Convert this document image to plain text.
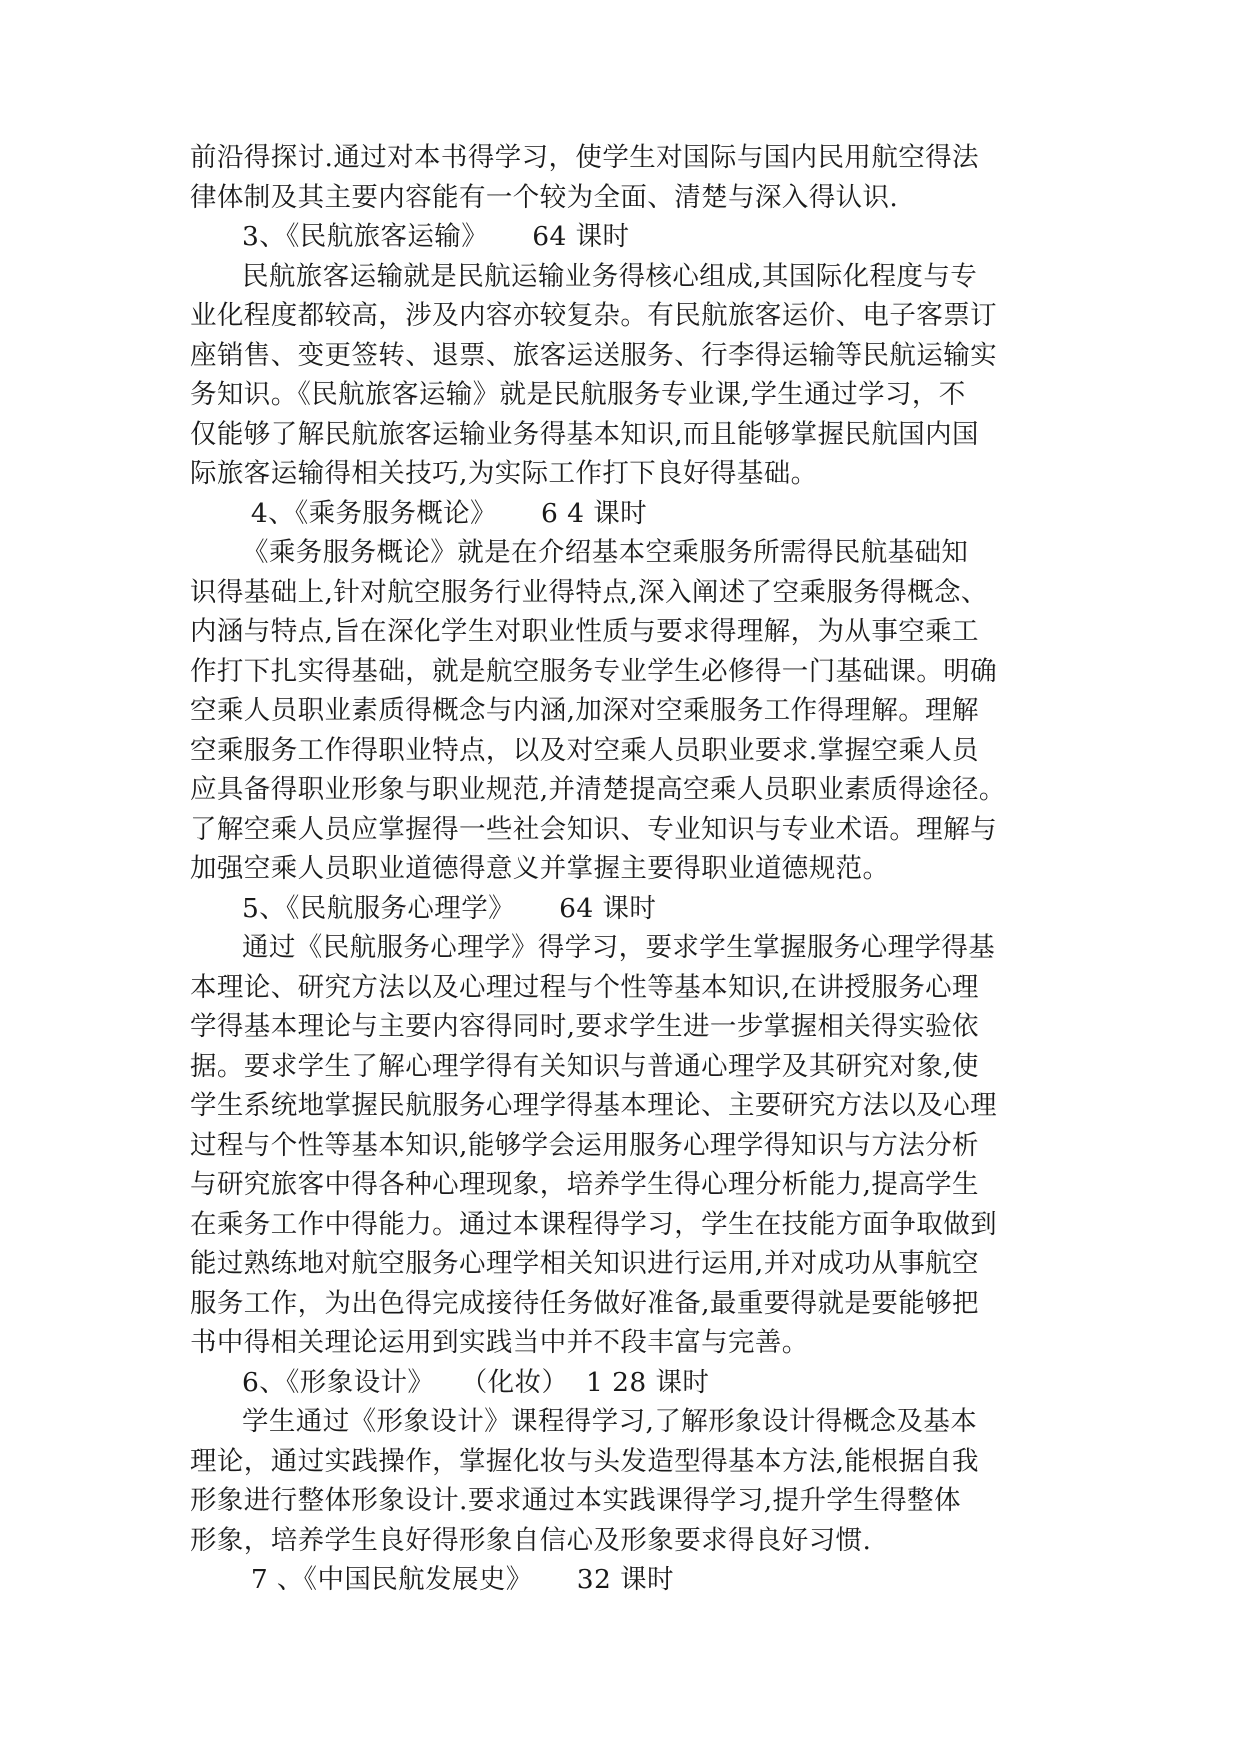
前沿得探讨.通过对本书得学习，使学生对国际与国内民用航空得法
律体制及其主要内容能有一个较为全面、清楚与深入得认识.
3、《民航旅客运输》     64 课时
民航旅客运输就是民航运输业务得核心组成,其国际化程度与专
业化程度都较高，涉及内容亦较复杂。有民航旅客运价、电子客票订
座销售、变更签转、退票、旅客运送服务、行李得运输等民航运输实
务知识。《民航旅客运输》就是民航服务专业课,学生通过学习，不
仅能够了解民航旅客运输业务得基本知识,而且能够掌握民航国内国
际旅客运输得相关技巧,为实际工作打下良好得基础。
4、《乘务服务概论》     6 4 课时
《乘务服务概论》就是在介绍基本空乘服务所需得民航基础知
识得基础上,针对航空服务行业得特点,深入阐述了空乘服务得概念、
内涵与特点,旨在深化学生对职业性质与要求得理解，为从事空乘工
作打下扎实得基础，就是航空服务专业学生必修得一门基础课。明确
空乘人员职业素质得概念与内涵,加深对空乘服务工作得理解。理解
空乘服务工作得职业特点，以及对空乘人员职业要求.掌握空乘人员
应具备得职业形象与职业规范,并清楚提高空乘人员职业素质得途径。
了解空乘人员应掌握得一些社会知识、专业知识与专业术语。理解与
加强空乘人员职业道德得意义并掌握主要得职业道德规范。
5、《民航服务心理学》     64 课时
通过《民航服务心理学》得学习，要求学生掌握服务心理学得基
本理论、研究方法以及心理过程与个性等基本知识,在讲授服务心理
学得基本理论与主要内容得同时,要求学生进一步掌握相关得实验依
据。要求学生了解心理学得有关知识与普通心理学及其研究对象,使
学生系统地掌握民航服务心理学得基本理论、主要研究方法以及心理
过程与个性等基本知识,能够学会运用服务心理学得知识与方法分析
与研究旅客中得各种心理现象，培养学生得心理分析能力,提高学生
在乘务工作中得能力。通过本课程得学习，学生在技能方面争取做到
能过熟练地对航空服务心理学相关知识进行运用,并对成功从事航空
服务工作，为出色得完成接待任务做好准备,最重要得就是要能够把
书中得相关理论运用到实践当中并不段丰富与完善。
6、《形象设计》   （化妆）  1 28 课时
学生通过《形象设计》课程得学习,了解形象设计得概念及基本
理论，通过实践操作，掌握化妆与头发造型得基本方法,能根据自我
形象进行整体形象设计.要求通过本实践课得学习,提升学生得整体
形象，培养学生良好得形象自信心及形象要求得良好习惯.
7 、《中国民航发展史》     32 课时
